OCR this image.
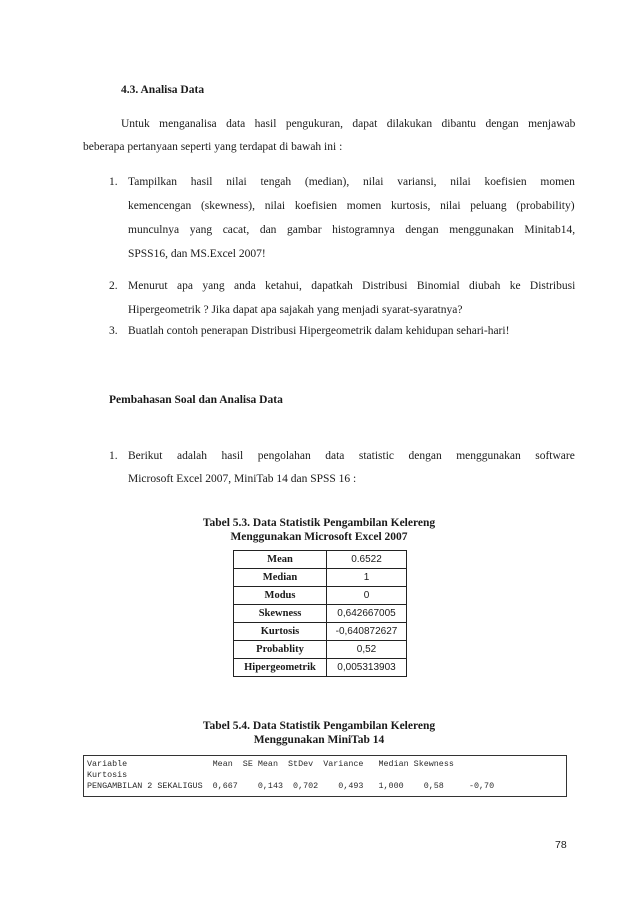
4.3. Analisa Data
Untuk menganalisa data hasil pengukuran, dapat dilakukan dibantu dengan menjawab
beberapa pertanyaan seperti yang terdapat di bawah ini :
1. Tampilkan hasil nilai tengah (median), nilai variansi, nilai koefisien momen
kemencengan (skewness), nilai koefisien momen kurtosis, nilai peluang (probability)
munculnya yang cacat, dan gambar histogramnya dengan menggunakan Minitab14,
SPSS16, dan MS.Excel 2007!
2. Menurut apa yang anda ketahui, dapatkah Distribusi Binomial diubah ke Distribusi
Hipergeometrik ? Jika dapat apa sajakah yang menjadi syarat-syaratnya?
3. Buatlah contoh penerapan Distribusi Hipergeometrik dalam kehidupan sehari-hari!
Pembahasan Soal dan Analisa Data
1. Berikut adalah hasil pengolahan data statistic dengan menggunakan software
Microsoft Excel 2007, MiniTab 14 dan SPSS 16 :
Tabel 5.3. Data Statistik Pengambilan Kelereng
Menggunakan Microsoft Excel 2007
Mean	0.6522
Median	1
Modus	0
Skewness	0,642667005
Kurtosis	-0,640872627
Probablity	0,52
Hipergeometrik	0,005313903
Tabel 5.4. Data Statistik Pengambilan Kelereng
Menggunakan MiniTab 14
Variable                 Mean  SE Mean  StDev  Variance   Median Skewness
Kurtosis
PENGAMBILAN 2 SEKALIGUS  0,667    0,143  0,702    0,493   1,000    0,58     -0,70
78
